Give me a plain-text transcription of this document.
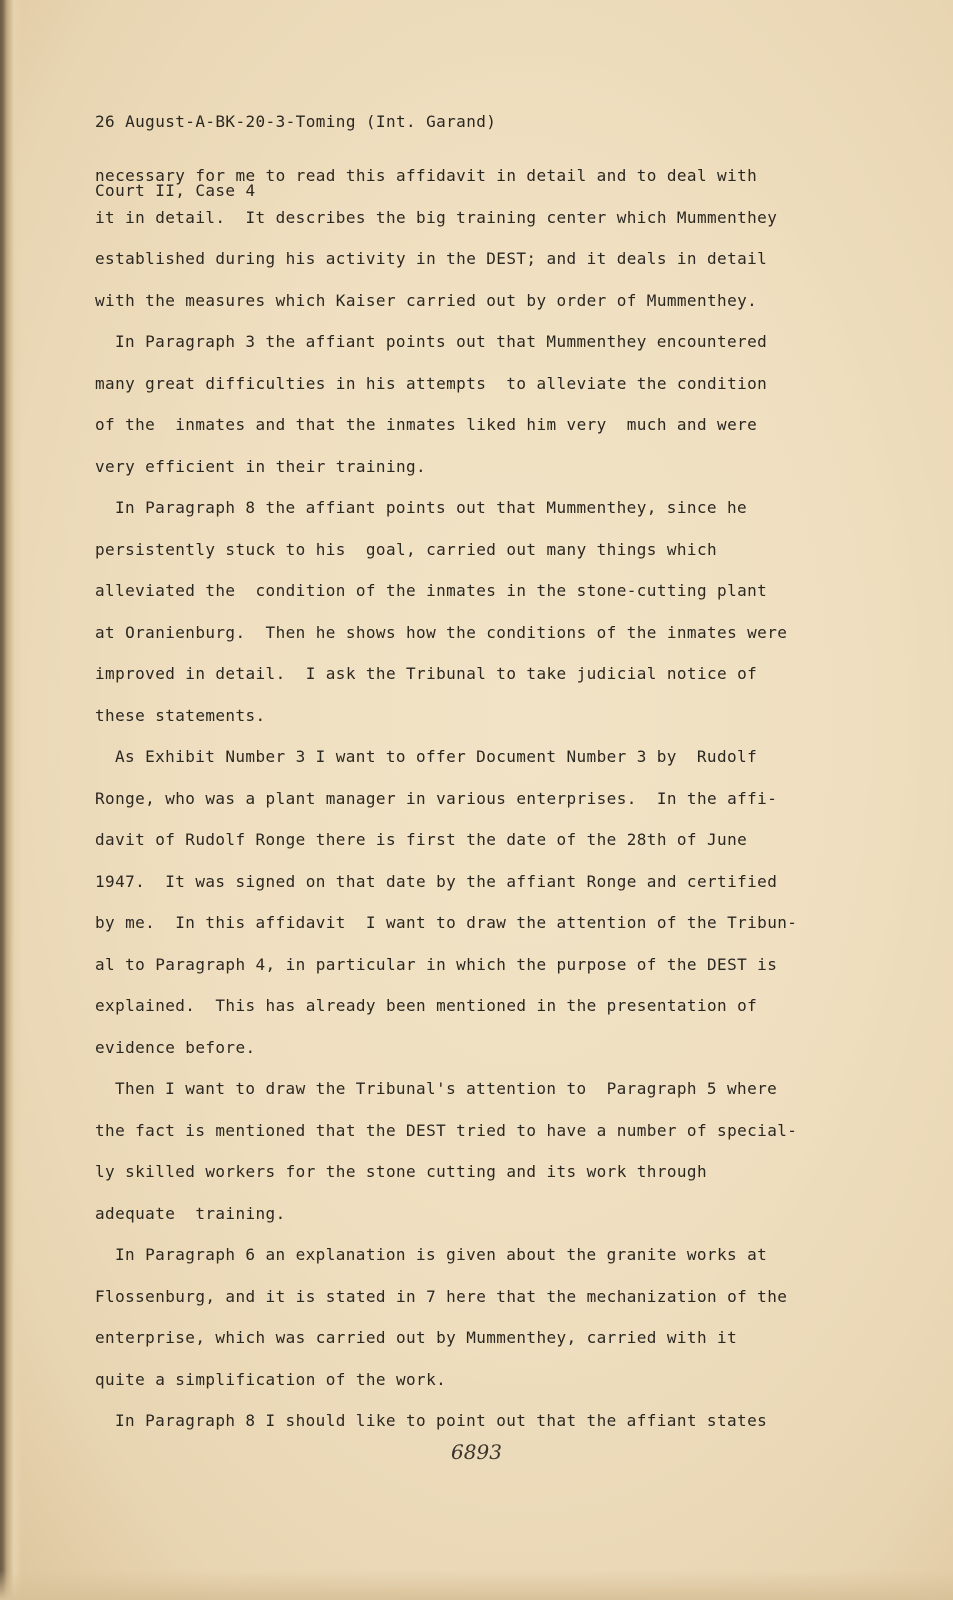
26 August-A-BK-20-3-Toming (Int. Garand)

Court II, Case 4

necessary for me to read this affidavit in detail and to deal with
it in detail.  It describes the big training center which Mummenthey
established during his activity in the DEST; and it deals in detail
with the measures which Kaiser carried out by order of Mummenthey.
In Paragraph 3 the affiant points out that Mummenthey encountered
many great difficulties in his attempts  to alleviate the condition
of the  inmates and that the inmates liked him very  much and were
very efficient in their training.
In Paragraph 8 the affiant points out that Mummenthey, since he
persistently stuck to his  goal, carried out many things which
alleviated the  condition of the inmates in the stone-cutting plant
at Oranienburg.  Then he shows how the conditions of the inmates were
improved in detail.  I ask the Tribunal to take judicial notice of
these statements.
As Exhibit Number 3 I want to offer Document Number 3 by  Rudolf
Ronge, who was a plant manager in various enterprises.  In the affi-
davit of Rudolf Ronge there is first the date of the 28th of June
1947.  It was signed on that date by the affiant Ronge and certified
by me.  In this affidavit  I want to draw the attention of the Tribun-
al to Paragraph 4, in particular in which the purpose of the DEST is
explained.  This has already been mentioned in the presentation of
evidence before.
Then I want to draw the Tribunal's attention to  Paragraph 5 where
the fact is mentioned that the DEST tried to have a number of special-
ly skilled workers for the stone cutting and its work through
adequate  training.
In Paragraph 6 an explanation is given about the granite works at
Flossenburg, and it is stated in 7 here that the mechanization of the
enterprise, which was carried out by Mummenthey, carried with it
quite a simplification of the work.
In Paragraph 8 I should like to point out that the affiant states
6893
